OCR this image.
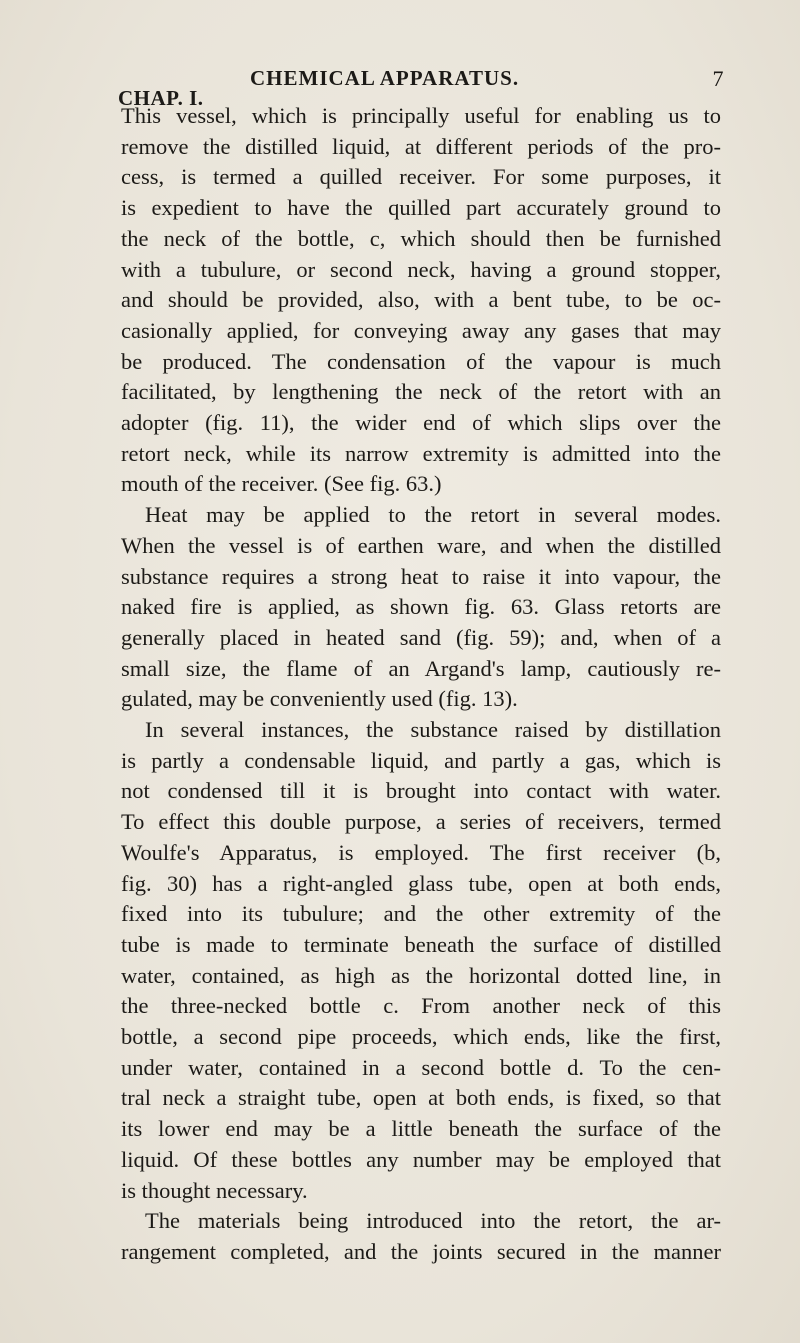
CHAP. I.
CHEMICAL APPARATUS.	7
This vessel, which is principally useful for enabling us to
remove the distilled liquid, at different periods of the pro-
cess, is termed a quilled receiver. For some purposes, it
is expedient to have the quilled part accurately ground to
the neck of the bottle, c, which should then be furnished
with a tubulure, or second neck, having a ground stopper,
and should be provided, also, with a bent tube, to be oc-
casionally applied, for conveying away any gases that may
be produced. The condensation of the vapour is much
facilitated, by lengthening the neck of the retort with an
adopter (fig. 11), the wider end of which slips over the
retort neck, while its narrow extremity is admitted into the
mouth of the receiver. (See fig. 63.)
Heat may be applied to the retort in several modes.
When the vessel is of earthen ware, and when the distilled
substance requires a strong heat to raise it into vapour, the
naked fire is applied, as shown fig. 63. Glass retorts are
generally placed in heated sand (fig. 59); and, when of a
small size, the flame of an Argand's lamp, cautiously re-
gulated, may be conveniently used (fig. 13).
In several instances, the substance raised by distillation
is partly a condensable liquid, and partly a gas, which is
not condensed till it is brought into contact with water.
To effect this double purpose, a series of receivers, termed
Woulfe's Apparatus, is employed. The first receiver (b,
fig. 30) has a right-angled glass tube, open at both ends,
fixed into its tubulure; and the other extremity of the
tube is made to terminate beneath the surface of distilled
water, contained, as high as the horizontal dotted line, in
the three-necked bottle c. From another neck of this
bottle, a second pipe proceeds, which ends, like the first,
under water, contained in a second bottle d. To the cen-
tral neck a straight tube, open at both ends, is fixed, so that
its lower end may be a little beneath the surface of the
liquid. Of these bottles any number may be employed that
is thought necessary.
The materials being introduced into the retort, the ar-
rangement completed, and the joints secured in the manner
